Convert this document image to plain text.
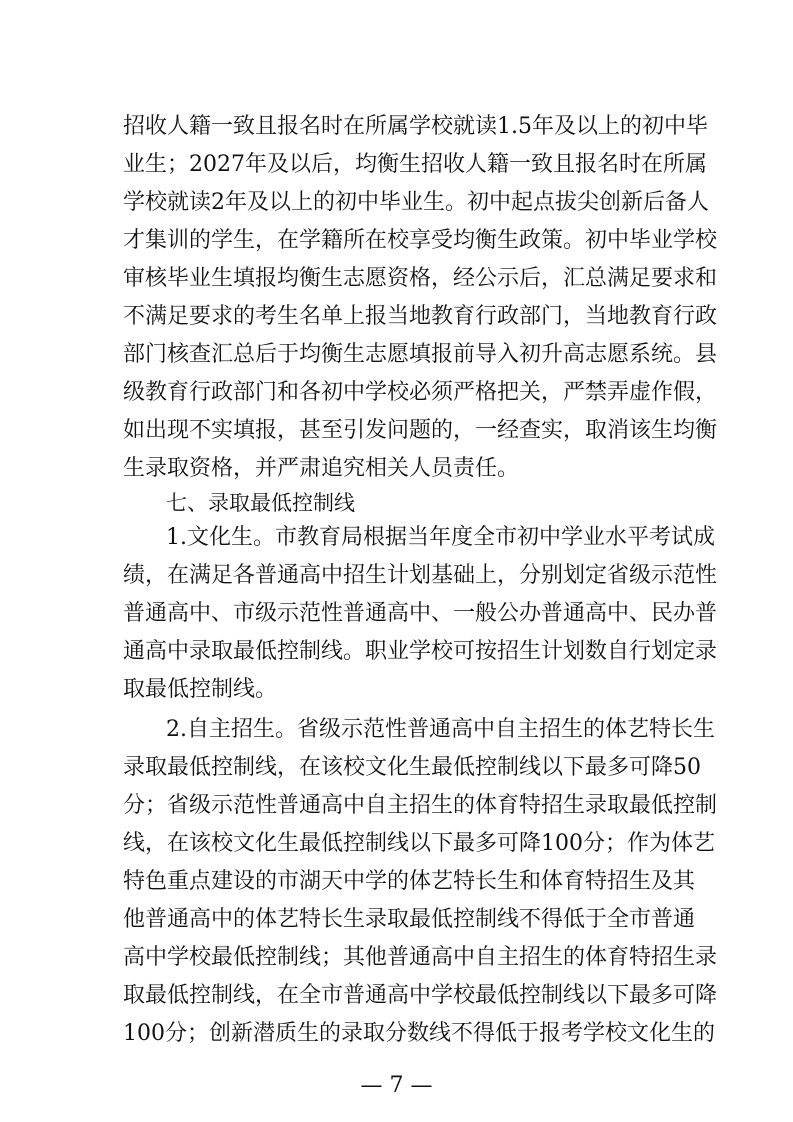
招收人籍一致且报名时在所属学校就读1.5年及以上的初中毕
业生；2027年及以后，均衡生招收人籍一致且报名时在所属
学校就读2年及以上的初中毕业生。初中起点拔尖创新后备人
才集训的学生，在学籍所在校享受均衡生政策。初中毕业学校
审核毕业生填报均衡生志愿资格，经公示后，汇总满足要求和
不满足要求的考生名单上报当地教育行政部门，当地教育行政
部门核查汇总后于均衡生志愿填报前导入初升高志愿系统。县
级教育行政部门和各初中学校必须严格把关，严禁弄虚作假，
如出现不实填报，甚至引发问题的，一经查实，取消该生均衡
生录取资格，并严肃追究相关人员责任。
七、录取最低控制线
1.文化生。市教育局根据当年度全市初中学业水平考试成
绩，在满足各普通高中招生计划基础上，分别划定省级示范性
普通高中、市级示范性普通高中、一般公办普通高中、民办普
通高中录取最低控制线。职业学校可按招生计划数自行划定录
取最低控制线。
2.自主招生。省级示范性普通高中自主招生的体艺特长生
录取最低控制线，在该校文化生最低控制线以下最多可降50
分；省级示范性普通高中自主招生的体育特招生录取最低控制
线，在该校文化生最低控制线以下最多可降100分；作为体艺
特色重点建设的市湖天中学的体艺特长生和体育特招生及其
他普通高中的体艺特长生录取最低控制线不得低于全市普通
高中学校最低控制线；其他普通高中自主招生的体育特招生录
取最低控制线，在全市普通高中学校最低控制线以下最多可降
100分；创新潜质生的录取分数线不得低于报考学校文化生的
— 7 —
